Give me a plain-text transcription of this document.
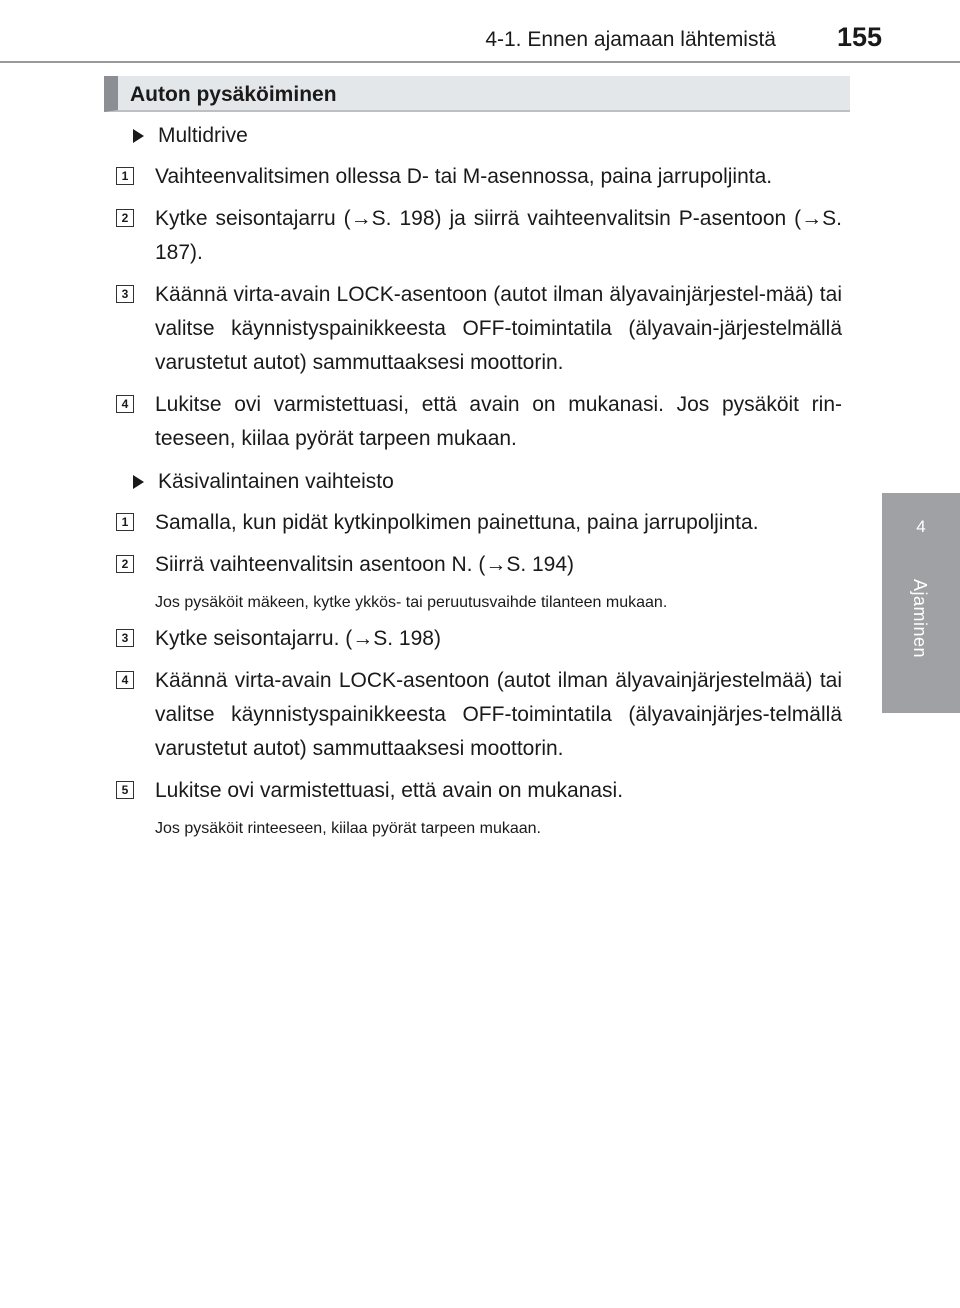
4-1. Ennen ajamaan lähtemistä 155
4
Ajaminen
Auton pysäköiminen
Multidrive
1 Vaihteenvalitsimen ollessa D- tai M-asennossa, paina jarrupoljinta.
2 Kytke seisontajarru (→S. 198) ja siirrä vaihteenvalitsin P-asentoon (→S. 187).
3 Käännä virta-avain LOCK-asentoon (autot ilman älyavainjärjestel-mää) tai valitse käynnistyspainikkeesta OFF-toimintatila (älyavain-järjestelmällä varustetut autot) sammuttaaksesi moottorin.
4 Lukitse ovi varmistettuasi, että avain on mukanasi. Jos pysäköit rin-teeseen, kiilaa pyörät tarpeen mukaan.
Käsivalintainen vaihteisto
1 Samalla, kun pidät kytkinpolkimen painettuna, paina jarrupoljinta.
2 Siirrä vaihteenvalitsin asentoon N. (→S. 194)
Jos pysäköit mäkeen, kytke ykkös- tai peruutusvaihde tilanteen mukaan.
3 Kytke seisontajarru. (→S. 198)
4 Käännä virta-avain LOCK-asentoon (autot ilman älyavainjärjestelmää) tai valitse käynnistyspainikkeesta OFF-toimintatila (älyavainjärjes-telmällä varustetut autot) sammuttaaksesi moottorin.
5 Lukitse ovi varmistettuasi, että avain on mukanasi.
Jos pysäköit rinteeseen, kiilaa pyörät tarpeen mukaan.
